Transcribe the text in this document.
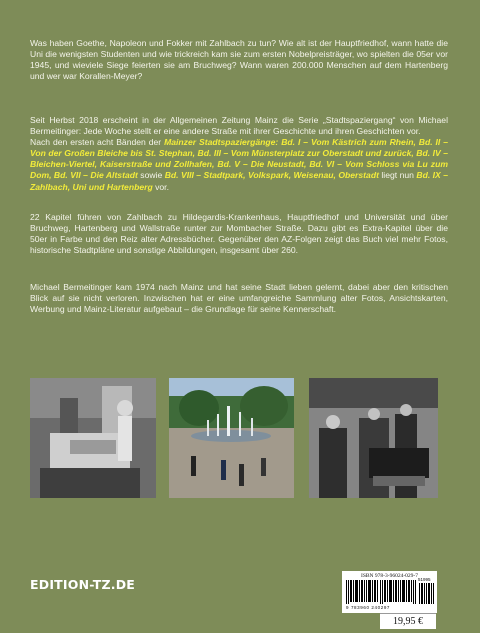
Was haben Goethe, Napoleon und Fokker mit Zahlbach zu tun? Wie alt ist der Hauptfriedhof, wann hatte die Uni die wenigsten Studenten und wie trickreich kam sie zum ersten Nobelpreisträger, wo spielten die 05er vor 1945, und wieviele Siege feierten sie am Bruchweg? Wann waren 200.000 Menschen auf dem Hartenberg und wer war Korallen-Meyer?

Seit Herbst 2018 erscheint in der Allgemeinen Zeitung Mainz die Serie „Stadtspaziergang“ von Michael Bermeitinger: Jede Woche stellt er eine andere Straße mit ihrer Geschichte und ihren Geschichten vor.

Nach den ersten acht Bänden der Mainzer Stadtspaziergänge: Bd. I – Vom Kästrich zum Rhein, Bd. II – Von der Großen Bleiche bis St. Stephan, Bd. III – Vom Münsterplatz zur Oberstadt und zurück, Bd. IV – Bleichen-Viertel, Kaiserstraße und Zollhafen, Bd. V – Die Neustadt, Bd. VI – Vom Schloss via Lu zum Dom, Bd. VII – Die Altstadt sowie Bd. VIII – Stadtpark, Volkspark, Weisenau, Oberstadt liegt nun Bd. IX – Zahlbach, Uni und Hartenberg vor.

22 Kapitel führen von Zahlbach zu Hildegardis-Krankenhaus, Hauptfriedhof und Universität und über Bruchweg, Hartenberg und Wallstraße runter zur Mombacher Straße. Dazu gibt es Extra-Kapitel über die 50er in Farbe und den Reiz alter Adressbücher. Gegenüber den AZ-Folgen zeigt das Buch viel mehr Fotos, historische Stadtpläne und sonstige Abbildungen, insgesamt über 260.

Michael Bermeitinger kam 1974 nach Mainz und hat seine Stadt lieben gelernt, dabei aber den kritischen Blick auf sie nicht verloren. Inzwischen hat er eine umfangreiche Sammlung alter Fotos, Ansichtskarten, Werbung und Mainz-Literatur aufgebaut – die Grundlage für seine Kennerschaft.

EDITION-TZ.DE
ISBN 978-3-96024-029-7
9 783960 240297
51995
19,95 €
